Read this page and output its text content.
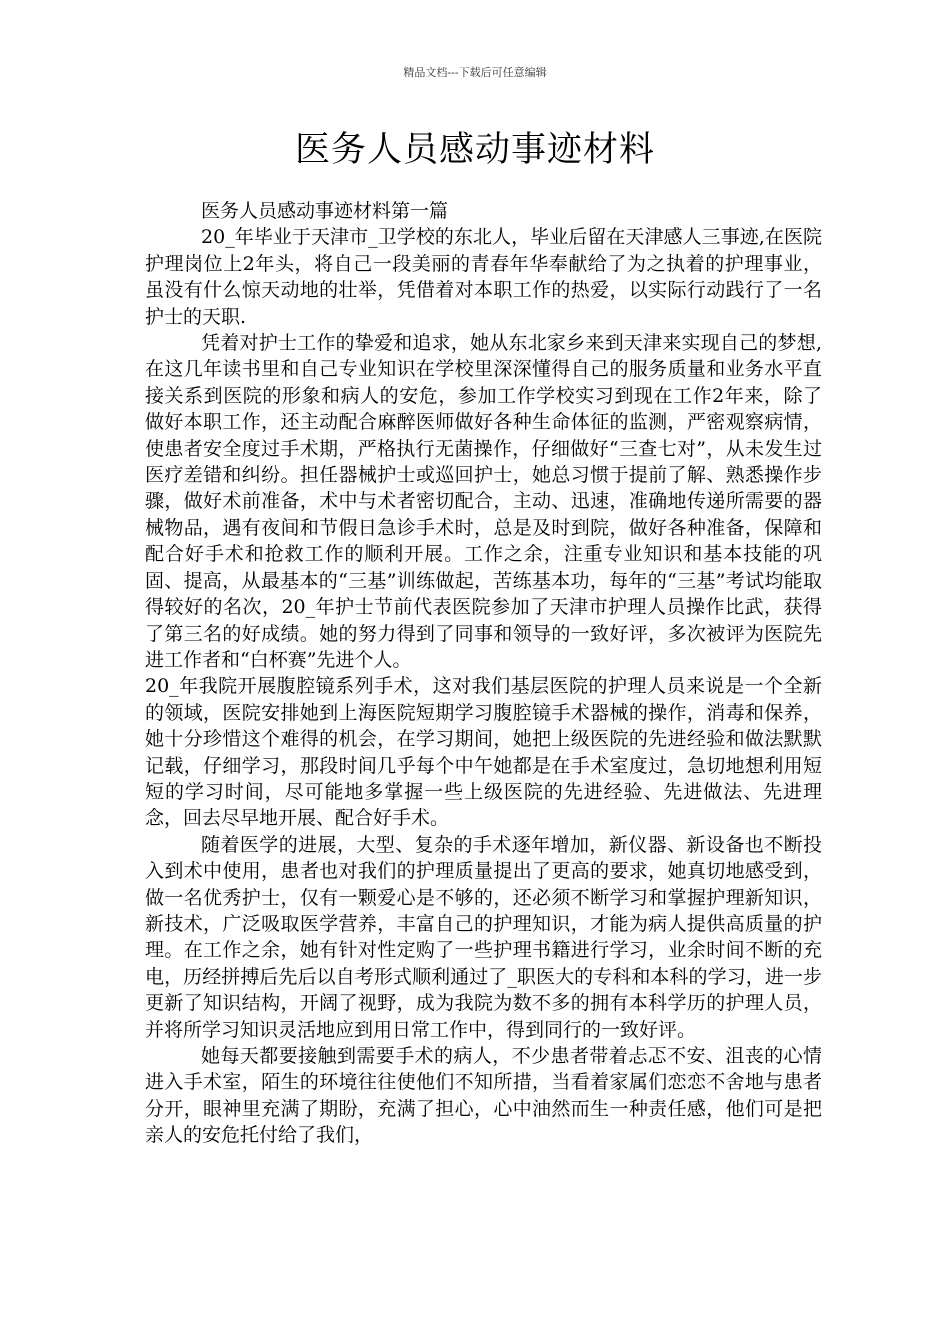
精品文档---下载后可任意编辑
医务人员感动事迹材料

医务人员感动事迹材料第一篇

20_年毕业于天津市_卫学校的东北人，毕业后留在天津感人三事迹,在医院护理岗位上2年头，将自己一段美丽的青春年华奉献给了为之执着的护理事业，虽没有什么惊天动地的壮举，凭借着对本职工作的热爱，以实际行动践行了一名护士的天职.

凭着对护士工作的挚爱和追求，她从东北家乡来到天津来实现自己的梦想,在这几年读书里和自己专业知识在学校里深深懂得自己的服务质量和业务水平直接关系到医院的形象和病人的安危，参加工作学校实习到现在工作2年来，除了做好本职工作，还主动配合麻醉医师做好各种生命体征的监测，严密观察病情，使患者安全度过手术期，严格执行无菌操作，仔细做好“三查七对”，从未发生过医疗差错和纠纷。担任器械护士或巡回护士，她总习惯于提前了解、熟悉操作步骤，做好术前准备，术中与术者密切配合，主动、迅速，准确地传递所需要的器械物品，遇有夜间和节假日急诊手术时，总是及时到院，做好各种准备，保障和配合好手术和抢救工作的顺利开展。工作之余，注重专业知识和基本技能的巩固、提高，从最基本的“三基”训练做起，苦练基本功，每年的“三基”考试均能取得较好的名次，20_年护士节前代表医院参加了天津市护理人员操作比武，获得了第三名的好成绩。她的努力得到了同事和领导的一致好评，多次被评为医院先进工作者和“白杯赛”先进个人。

20_年我院开展腹腔镜系列手术，这对我们基层医院的护理人员来说是一个全新的领域，医院安排她到上海医院短期学习腹腔镜手术器械的操作，消毒和保养，她十分珍惜这个难得的机会，在学习期间，她把上级医院的先进经验和做法默默记载，仔细学习，那段时间几乎每个中午她都是在手术室度过，急切地想利用短短的学习时间，尽可能地多掌握一些上级医院的先进经验、先进做法、先进理念，回去尽早地开展、配合好手术。

随着医学的进展，大型、复杂的手术逐年增加，新仪器、新设备也不断投入到术中使用，患者也对我们的护理质量提出了更高的要求，她真切地感受到，做一名优秀护士，仅有一颗爱心是不够的，还必须不断学习和掌握护理新知识，新技术，广泛吸取医学营养，丰富自己的护理知识，才能为病人提供高质量的护理。在工作之余，她有针对性定购了一些护理书籍进行学习，业余时间不断的充电，历经拼搏后先后以自考形式顺利通过了_职医大的专科和本科的学习，进一步更新了知识结构，开阔了视野，成为我院为数不多的拥有本科学历的护理人员，并将所学习知识灵活地应到用日常工作中，得到同行的一致好评。

她每天都要接触到需要手术的病人，不少患者带着忐忑不安、沮丧的心情进入手术室，陌生的环境往往使他们不知所措，当看着家属们恋恋不舍地与患者分开，眼神里充满了期盼，充满了担心，心中油然而生一种责任感，他们可是把亲人的安危托付给了我们，
